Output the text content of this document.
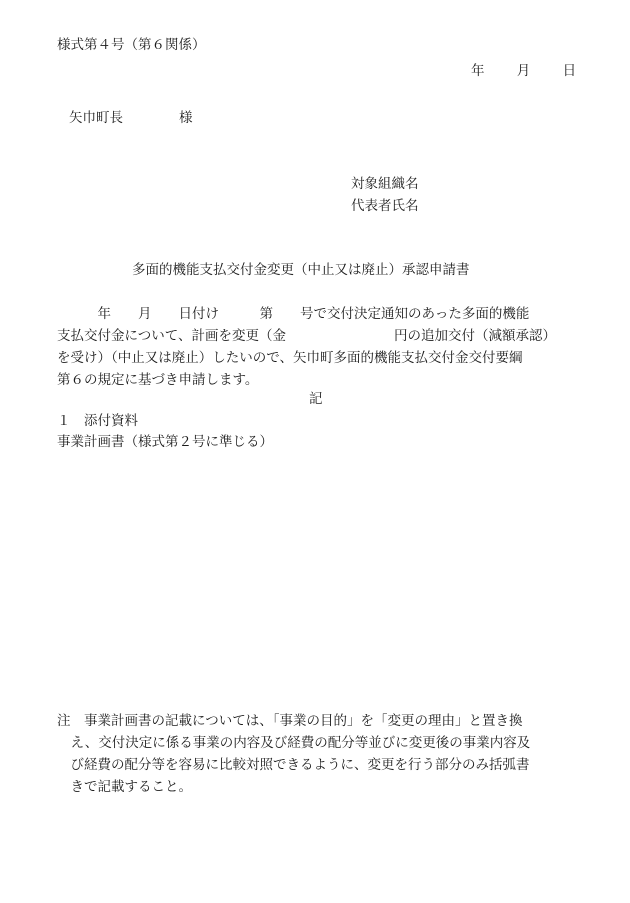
様式第４号（第６関係）
年 月 日
矢巾町長	様
対象組織名
代表者氏名
多面的機能支払交付金変更（中止又は廃止）承認申請書

　　　年　　月　　日付け　　　第　　号で交付決定通知のあった多面的機能

支払交付金について、計画を変更（金　　　　　　　　円の追加交付（減額承認）

を受け）（中止又は廃止）したいので、矢巾町多面的機能支払交付金交付要綱

第６の規定に基づき申請します。

記
１　添付資料
事業計画書（様式第２号に準じる）

注　事業計画書の記載については、「事業の目的」を「変更の理由」と置き換

　え、交付決定に係る事業の内容及び経費の配分等並びに変更後の事業内容及

　び経費の配分等を容易に比較対照できるように、変更を行う部分のみ括弧書

　きで記載すること。
